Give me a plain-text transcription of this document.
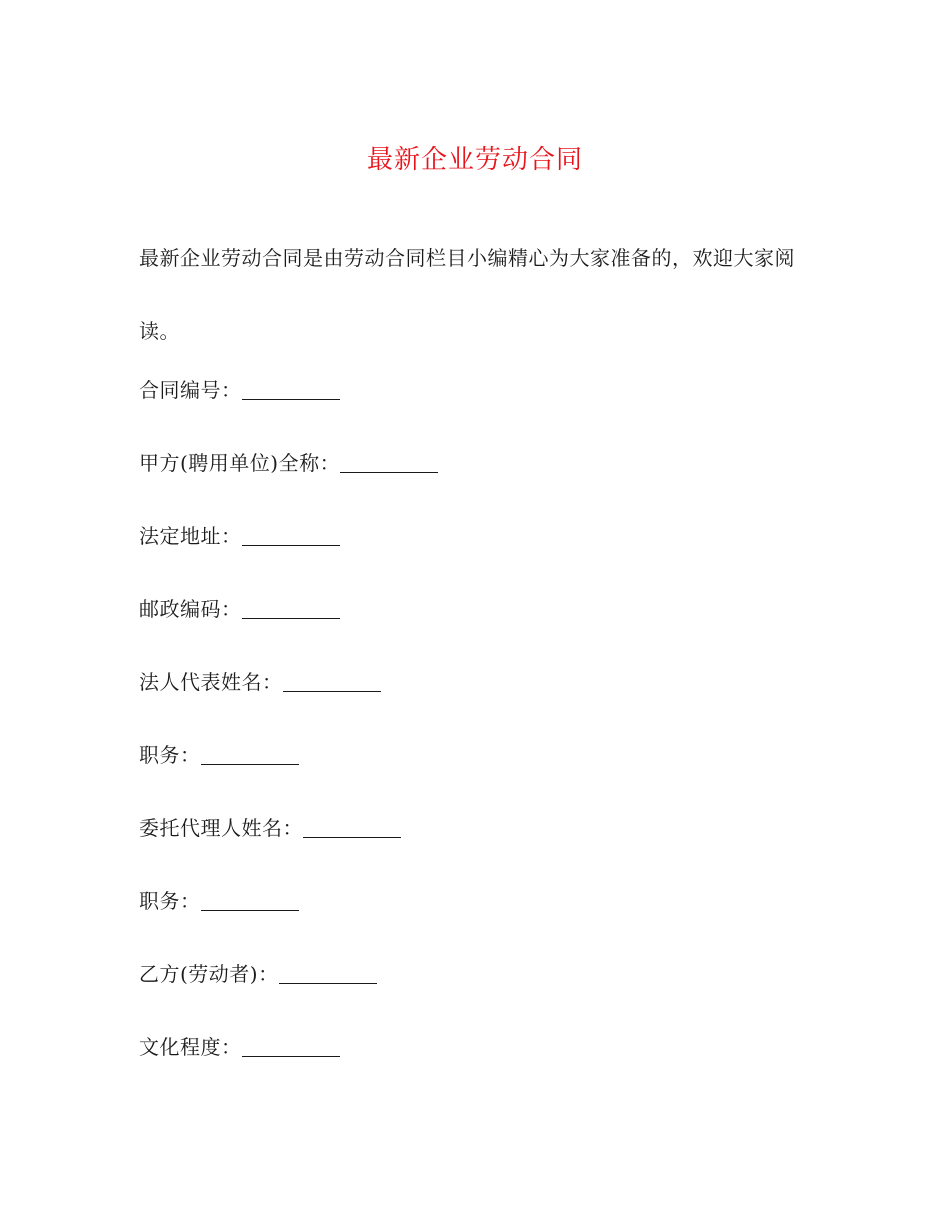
最新企业劳动合同

最新企业劳动合同是由劳动合同栏目小编精心为大家准备的，欢迎大家阅读。

合同编号：
甲方(聘用单位)全称：
法定地址：
邮政编码：
法人代表姓名：
职务：
委托代理人姓名：
职务：
乙方(劳动者)：
文化程度：
